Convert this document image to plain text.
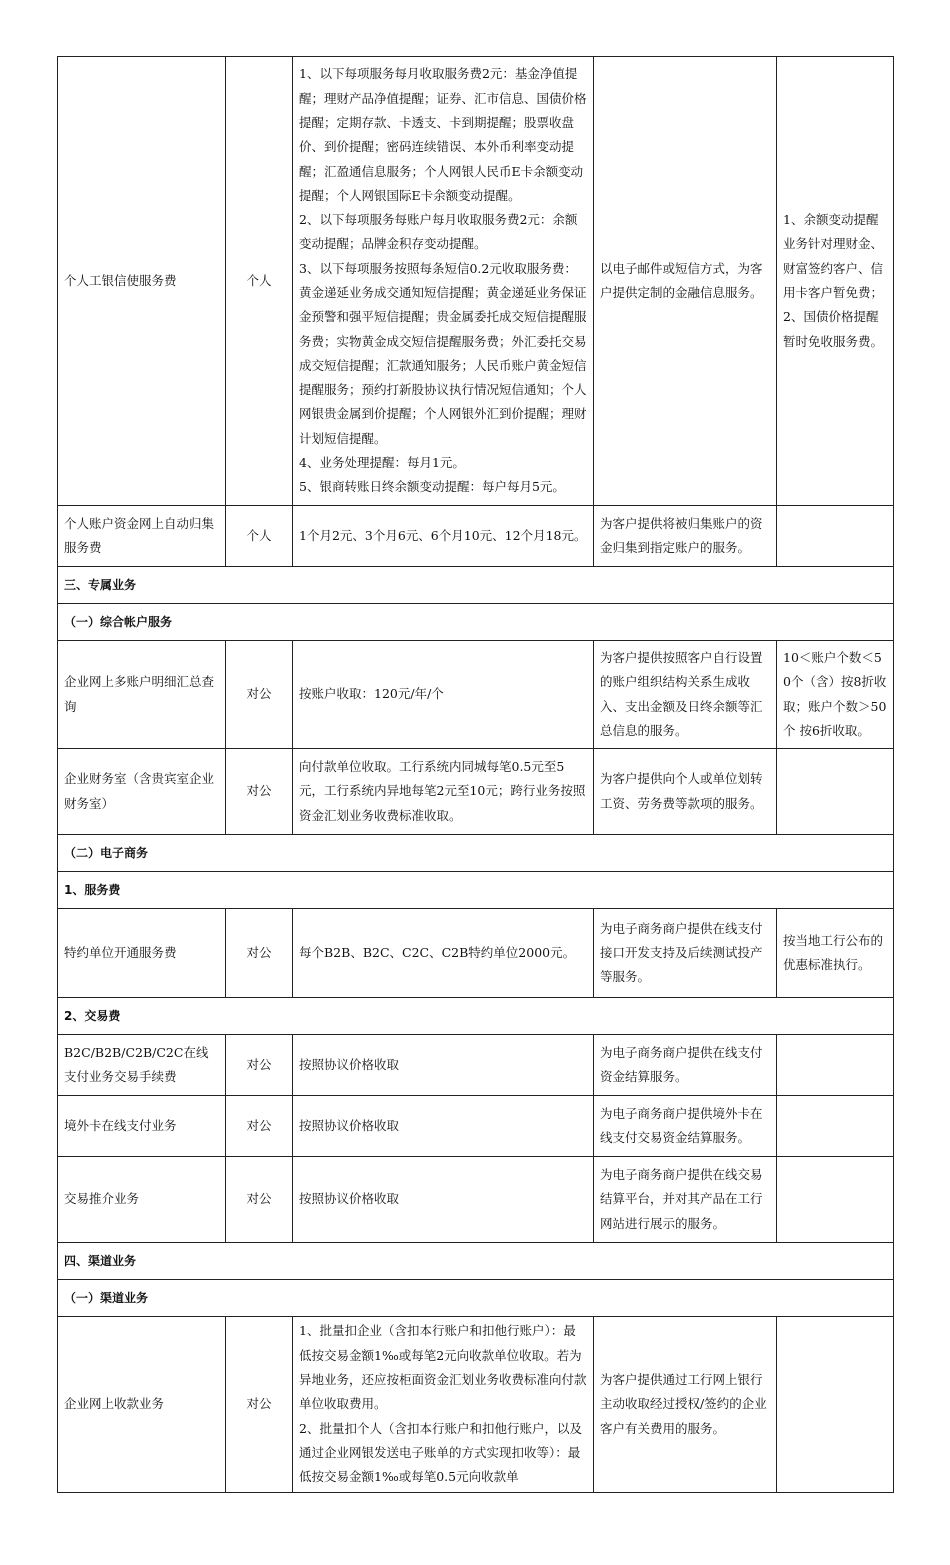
个人工银信使服务费	个人	1、以下每项服务每月收取服务费2元：基金净值提醒；理财产品净值提醒；证券、汇市信息、国债价格提醒；定期存款、卡透支、卡到期提醒；股票收盘价、到价提醒；密码连续错误、本外币利率变动提醒；汇盈通信息服务；个人网银人民币E卡余额变动提醒；个人网银国际E卡余额变动提醒。
2、以下每项服务每账户每月收取服务费2元：余额变动提醒；品牌金积存变动提醒。
3、以下每项服务按照每条短信0.2元收取服务费：黄金递延业务成交通知短信提醒；黄金递延业务保证金预警和强平短信提醒；贵金属委托成交短信提醒服务费；实物黄金成交短信提醒服务费；外汇委托交易成交短信提醒；汇款通知服务；人民币账户黄金短信提醒服务；预约打新股协议执行情况短信通知；个人网银贵金属到价提醒；个人网银外汇到价提醒；理财计划短信提醒。
4、业务处理提醒：每月1元。
5、银商转账日终余额变动提醒：每户每月5元。	以电子邮件或短信方式，为客户提供定制的金融信息服务。	1、余额变动提醒业务针对理财金、财富签约客户、信用卡客户暂免费；2、国债价格提醒暂时免收服务费。
个人账户资金网上自动归集服务费	个人	1个月2元、3个月6元、6个月10元、12个月18元。	为客户提供将被归集账户的资金归集到指定账户的服务。	
三、专属业务				
（一）综合帐户服务				
企业网上多账户明细汇总查询	对公	按账户收取：120元/年/个	为客户提供按照客户自行设置的账户组织结构关系生成收入、支出金额及日终余额等汇总信息的服务。	10＜账户个数＜50个（含）按8折收取；账户个数＞50个 按6折收取。
企业财务室（含贵宾室企业财务室）	对公	向付款单位收取。工行系统内同城每笔0.5元至5元，工行系统内异地每笔2元至10元；跨行业务按照资金汇划业务收费标准收取。	为客户提供向个人或单位划转工资、劳务费等款项的服务。	
（二）电子商务				
1、服务费				
特约单位开通服务费	对公	每个B2B、B2C、C2C、C2B特约单位2000元。	为电子商务商户提供在线支付接口开发支持及后续测试投产等服务。	按当地工行公布的优惠标准执行。
2、交易费				
B2C/B2B/C2B/C2C在线支付业务交易手续费	对公	按照协议价格收取	为电子商务商户提供在线支付资金结算服务。	
境外卡在线支付业务	对公	按照协议价格收取	为电子商务商户提供境外卡在线支付交易资金结算服务。	
交易推介业务	对公	按照协议价格收取	为电子商务商户提供在线交易结算平台，并对其产品在工行网站进行展示的服务。	
四、渠道业务				
（一）渠道业务				
企业网上收款业务	对公	1、批量扣企业（含扣本行账户和扣他行账户）：最低按交易金额1‰或每笔2元向收款单位收取。若为异地业务，还应按柜面资金汇划业务收费标准向付款单位收取费用。
2、批量扣个人（含扣本行账户和扣他行账户，以及通过企业网银发送电子账单的方式实现扣收等）：最低按交易金额1‰或每笔0.5元向收款单	为客户提供通过工行网上银行主动收取经过授权/签约的企业客户有关费用的服务。	
